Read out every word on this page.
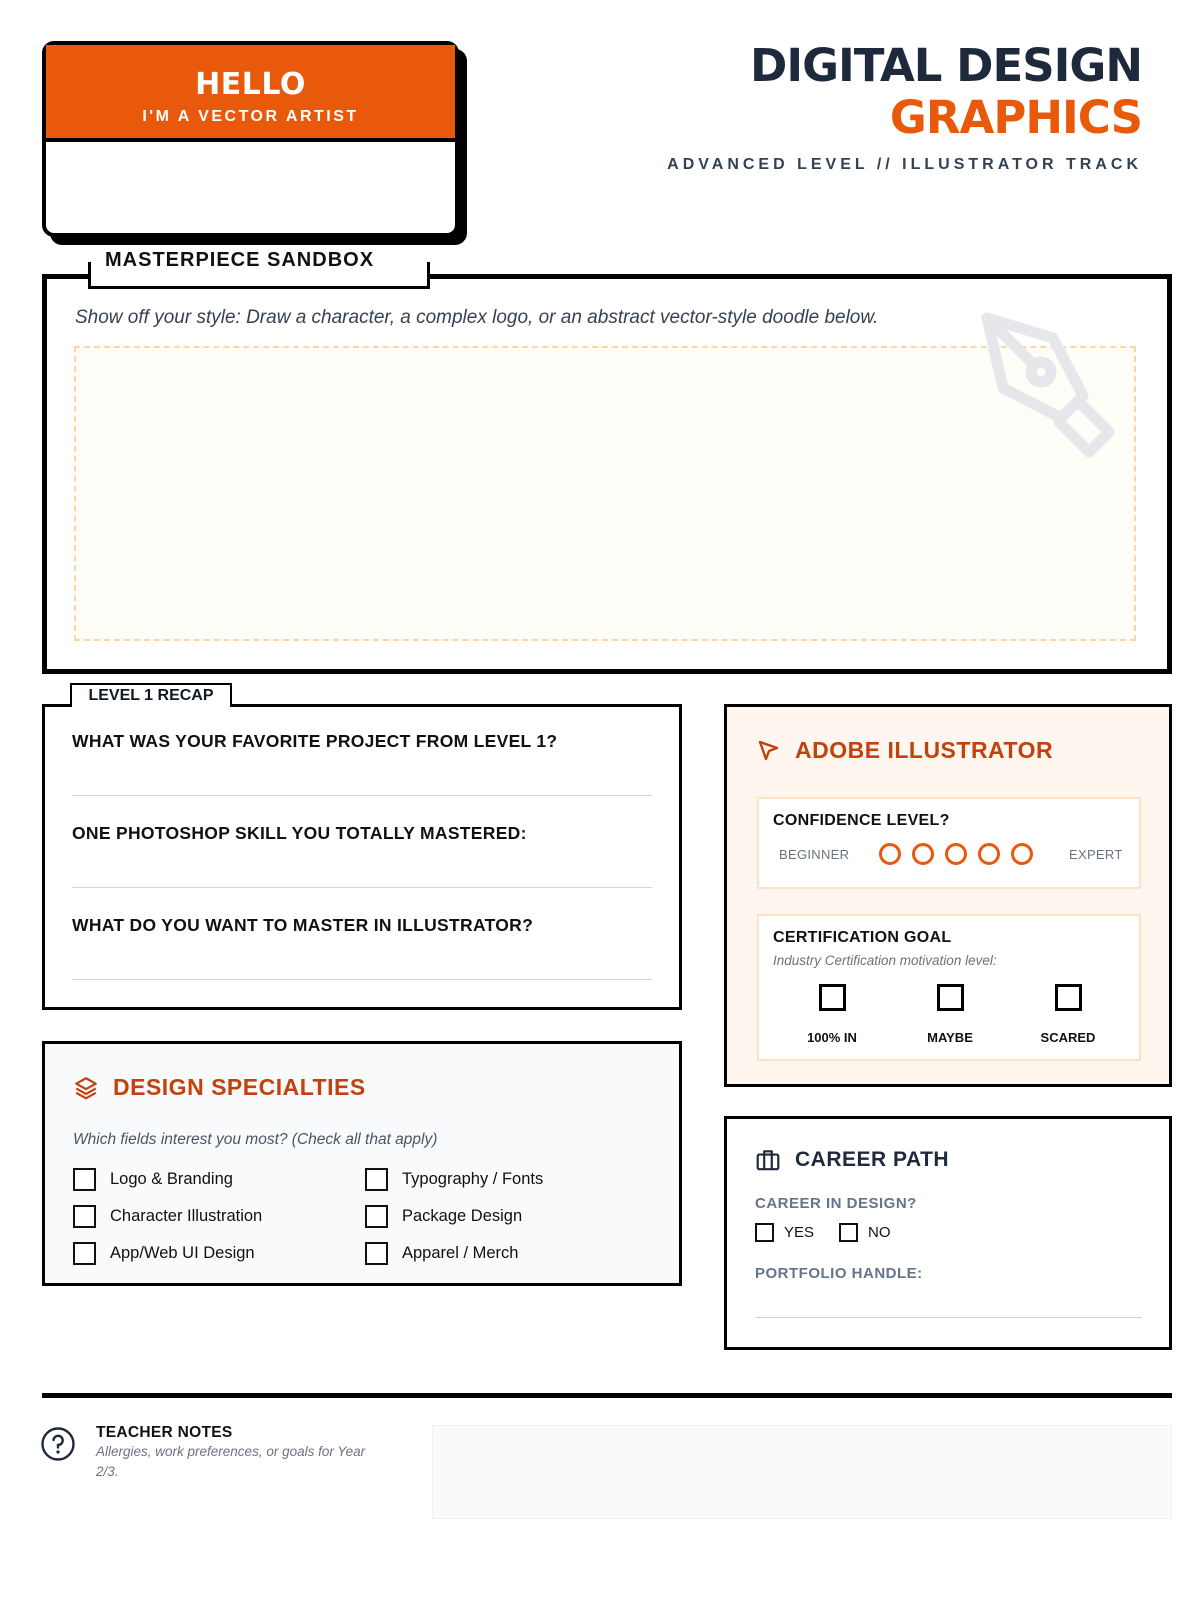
HELLO
I'M A VECTOR ARTIST
DIGITAL DESIGN
GRAPHICS
ADVANCED LEVEL // ILLUSTRATOR TRACK
MASTERPIECE SANDBOX
Show off your style: Draw a character, a complex logo, or an abstract vector-style doodle below.
WHAT WAS YOUR FAVORITE PROJECT FROM LEVEL 1?
ONE PHOTOSHOP SKILL YOU TOTALLY MASTERED:
WHAT DO YOU WANT TO MASTER IN ILLUSTRATOR?
LEVEL 1 RECAP
ADOBE ILLUSTRATOR
CONFIDENCE LEVEL?
BEGINNER	EXPERT
CERTIFICATION GOAL
Industry Certification motivation level:
100% IN	MAYBE	SCARED
DESIGN SPECIALTIES
Which fields interest you most? (Check all that apply)
Logo & Branding	Typography / Fonts
Character Illustration	Package Design
App/Web UI Design	Apparel / Merch
CAREER PATH
CAREER IN DESIGN?
YES	NO
PORTFOLIO HANDLE:
TEACHER NOTES
Allergies, work preferences, or goals for Year 2/3.
